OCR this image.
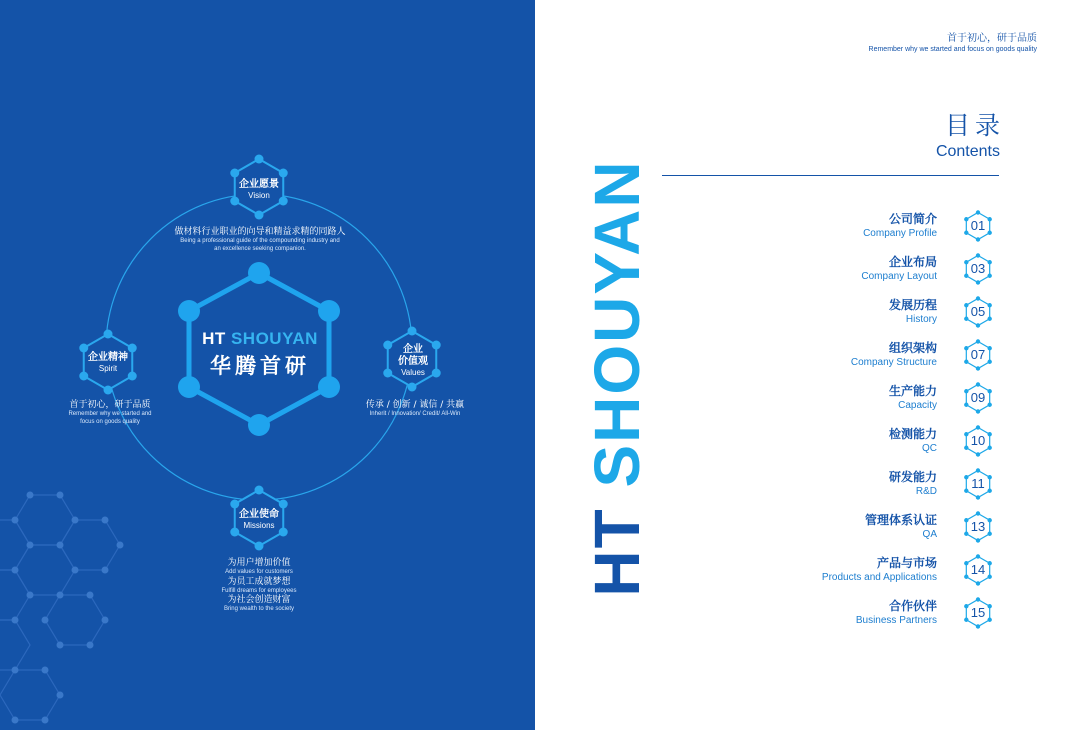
HT SHOUYAN
华腾首研
企业愿景
Vision
做材料行业职业的向导和精益求精的同路人
Being a professional guide of the compounding industry and
an excellence seeking companion.
企业精神
Spirit
首于初心，研于品质
Remember why we started and
focus on goods quality
企业
价值观
Values
传承 / 创新 / 诚信 / 共赢
Inherit / Innovation/ Credit/ All-Win
企业使命
Missions
为用户增加价值
Add values for customers
为员工成就梦想
Fulfill dreams for employees
为社会创造财富
Bring wealth to the society
首于初心，研于品质
Remember why we started and focus on goods quality
HT SHOUYAN
目录
Contents
公司简介
Company Profile
01
企业布局
Company Layout
03
发展历程
History
05
组织架构
Company Structure
07
生产能力
Capacity
09
检测能力
QC
10
研发能力
R&D
11
管理体系认证
QA
13
产品与市场
Products and Applications
14
合作伙伴
Business Partners
15
